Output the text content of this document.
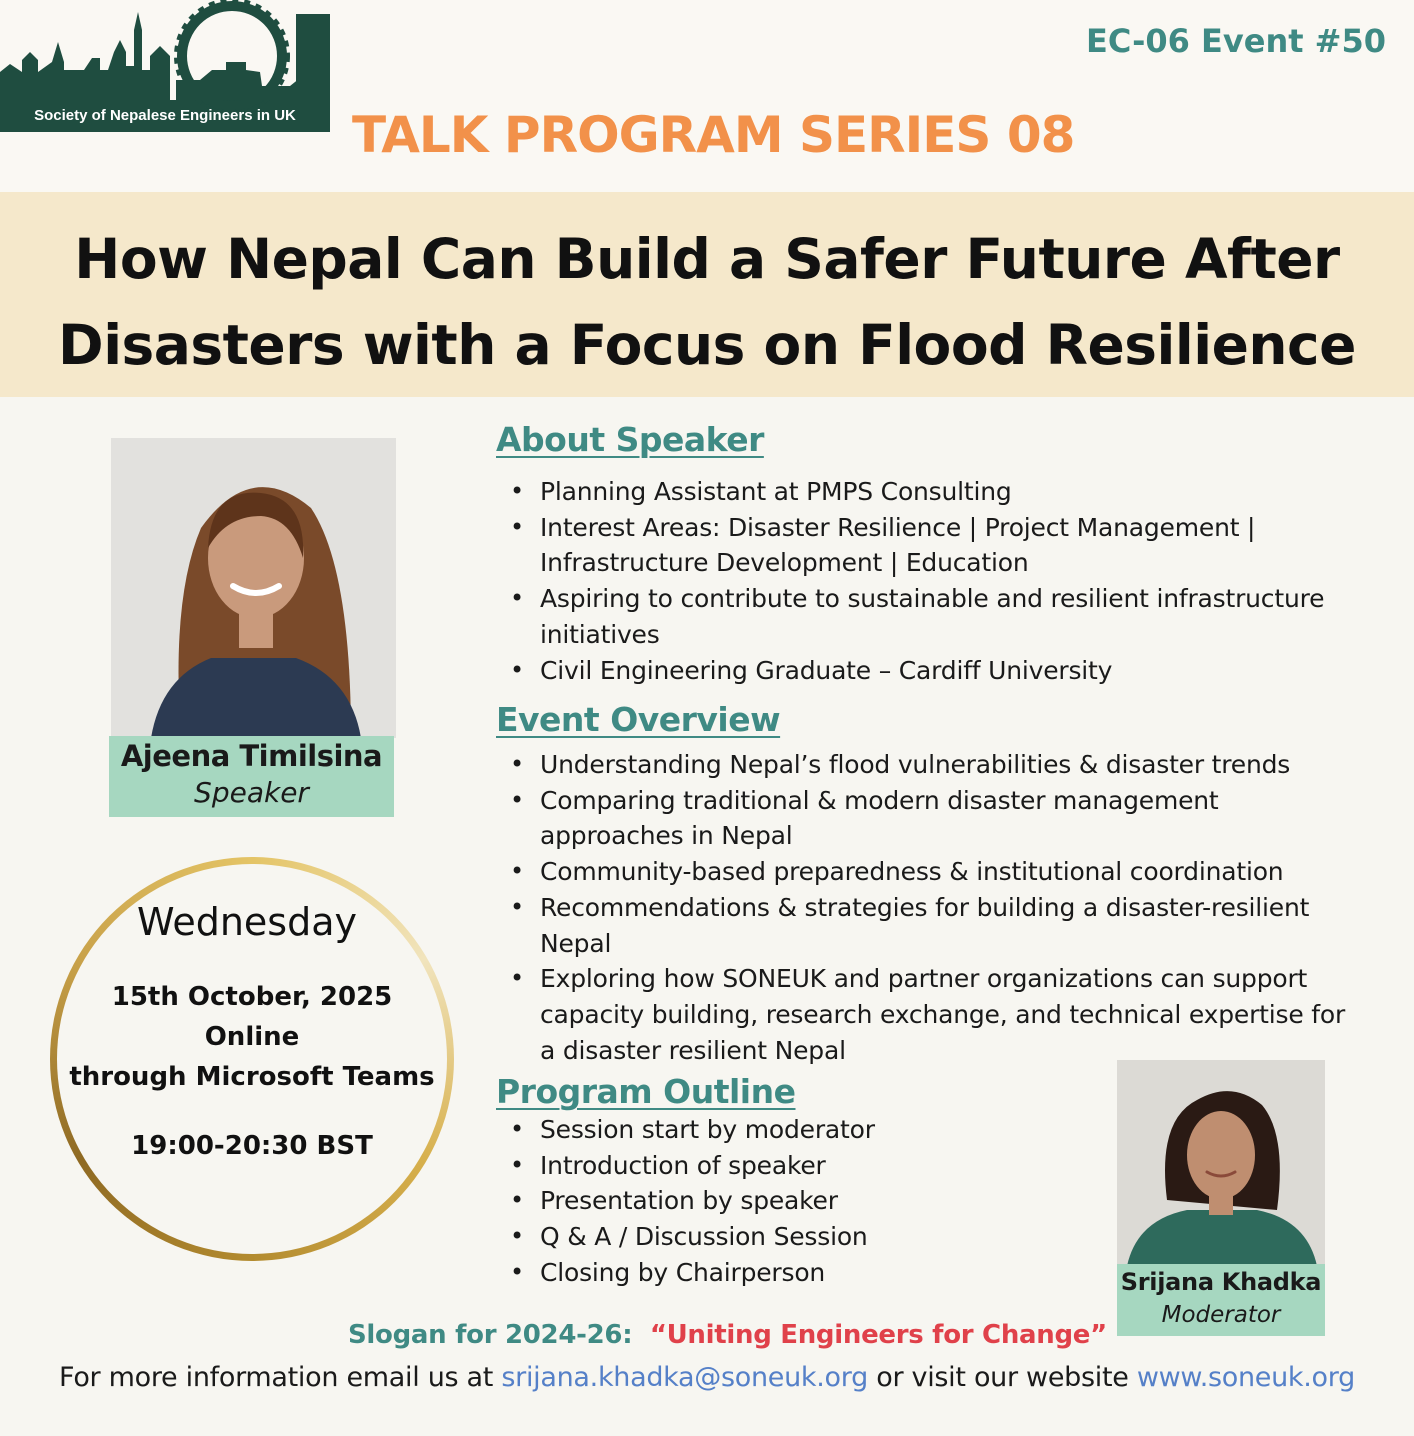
Society of Nepalese Engineers in UK
EC-06 Event #50
TALK PROGRAM SERIES 08
How Nepal Can Build a Safer Future After
Disasters with a Focus on Flood Resilience
Ajeena Timilsina
Speaker
Wednesday
15th October, 2025
Online
through Microsoft Teams
19:00-20:30 BST
About Speaker
• Planning Assistant at PMPS Consulting
• Interest Areas: Disaster Resilience | Project Management |
Infrastructure Development | Education
• Aspiring to contribute to sustainable and resilient infrastructure
initiatives
• Civil Engineering Graduate – Cardiff University
Event Overview
• Understanding Nepal’s flood vulnerabilities & disaster trends
• Comparing traditional & modern disaster management
approaches in Nepal
• Community-based preparedness & institutional coordination
• Recommendations & strategies for building a disaster-resilient
Nepal
• Exploring how SONEUK and partner organizations can support
capacity building, research exchange, and technical expertise for
a disaster resilient Nepal
Program Outline
• Session start by moderator
• Introduction of speaker
• Presentation by speaker
• Q & A / Discussion Session
• Closing by Chairperson	Srijana Khadka
Moderator
Slogan for 2024-26: “Uniting Engineers for Change”
For more information email us at srijana.khadka@soneuk.org or visit our website www.soneuk.org
